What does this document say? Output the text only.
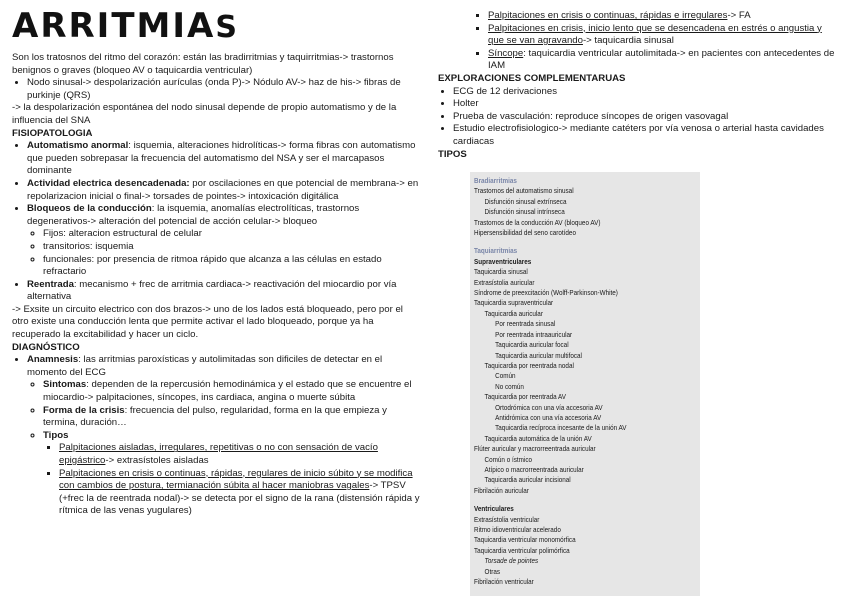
ARRITMIAS

Son los tratosnos del ritmo del corazón: están las bradirritmias y taquirritmias-> trastornos benignos o graves (bloqueo AV o taquicardia ventricular)

• Nodo sinusal-> despolarización aurículas (onda P)-> Nódulo AV-> haz de his-> fibras de purkinje (QRS)

-> la despolarización espontánea del nodo sinusal depende de propio automatismo y de la influencia del SNA

FISIOPATOLOGIA

• Automatismo anormal: isquemia, alteraciones hidrolíticas-> forma fibras con automatismo que pueden sobrepasar la frecuencia del automatismo del NSA y ser el marcapasos dominante
• Actividad electrica desencadenada: por oscilaciones en que potencial de membrana-> en repolarizacion inicial o final-> torsades de pointes-> intoxicación digitálica
• Bloqueos de la conducción: la isquemia, anomalías electrolíticas, trastornos degenerativos-> alteración del potencial de acción celular-> bloqueo
◦ Fijos: alteracion estructural de celular
◦ transitorios: isquemia
◦ funcionales: por presencia de ritmoa rápido que alcanza a las células en estado refractario
• Reentrada: mecanismo + frec de arritmia cardiaca-> reactivación del miocardio por vía alternativa

-> Exsite un circuito electrico con dos brazos-> uno de los lados está bloqueado, pero por el otro existe una conducción lenta que permite activar el lado bloqueado, porque ya ha recuperado la excitabilidad y hacer un ciclo.

DIAGNÓSTICO

• Anamnesis: las arritmias paroxísticas y autolimitadas son dificiles de detectar en el momento del ECG
◦ Sintomas: dependen de la repercusión hemodinámica y el estado que se encuentre el miocardio-> palpitaciones, síncopes, ins cardiaca, angina o muerte súbita
◦ Forma de la crisis: frecuencia del pulso, regularidad, forma en la que empieza y termina, duración…
◦ Tipos
▪ Palpitaciones aisladas, irregulares, repetitivas o no con sensación de vacío epigástrico-> extrasístoles aisladas
▪ Palpitaciones en crisis o continuas, rápidas, regulares de inicio súbito y se modifica con cambios de postura, termianación súbita al hacer maniobras vagales-> TPSV (+frec la de reentrada nodal)-> se detecta por el signo de la rana (distensión rápida y rítmica de las venas yugulares)
▪ Palpitaciones en crisis o continuas, rápidas e irregulares-> FA
▪ Palpitaciones en crisis, inicio lento que se desencadena en estrés o angustia y que se van agravando-> taquicardia sinusal
▪ Síncope: taquicardia ventricular autolimitada-> en pacientes con antecedentes de IAM

EXPLORACIONES COMPLEMENTARUAS

• ECG de 12 derivaciones
• Holter
• Prueba de vasculación: reproduce síncopes de origen vasovagal
• Estudio electrofisiologico-> mediante catéters por vía venosa o arterial hasta cavidades cardiacas

TIPOS

Bradiarritmias
Trastornos del automatismo sinusal
Disfunción sinusal extrínseca
Disfunción sinusal intrínseca
Trastornos de la conducción AV (bloqueo AV)
Hipersensibilidad del seno carotídeo
Taquiarritmias
Supraventriculares
Taquicardia sinusal
Extrasístolia auricular
Síndrome de preexcitación (Wolff-Parkinson-White)
Taquicardia supraventricular
Taquicardia auricular
Por reentrada sinusal
Por reentrada intraauricular
Taquicardia auricular focal
Taquicardia auricular multifocal
Taquicardia por reentrada nodal
Común
No común
Taquicardia por reentrada AV
Ortodrómica con una vía accesoria AV
Antidrómica con una vía accesoria AV
Taquicardia recíproca incesante de la unión AV
Taquicardia automática de la unión AV
Flúter auricular y macrorreentrada auricular
Común o ístmico
Atípico o macrorreentrada auricular
Taquicardia auricular incisional
Fibrilación auricular
Ventriculares
Extrasístolia ventricular
Ritmo idioventricular acelerado
Taquicardia ventricular monomórfica
Taquicardia ventricular polimórfica
Torsade de pointes
Otras
Fibrilación ventricular
